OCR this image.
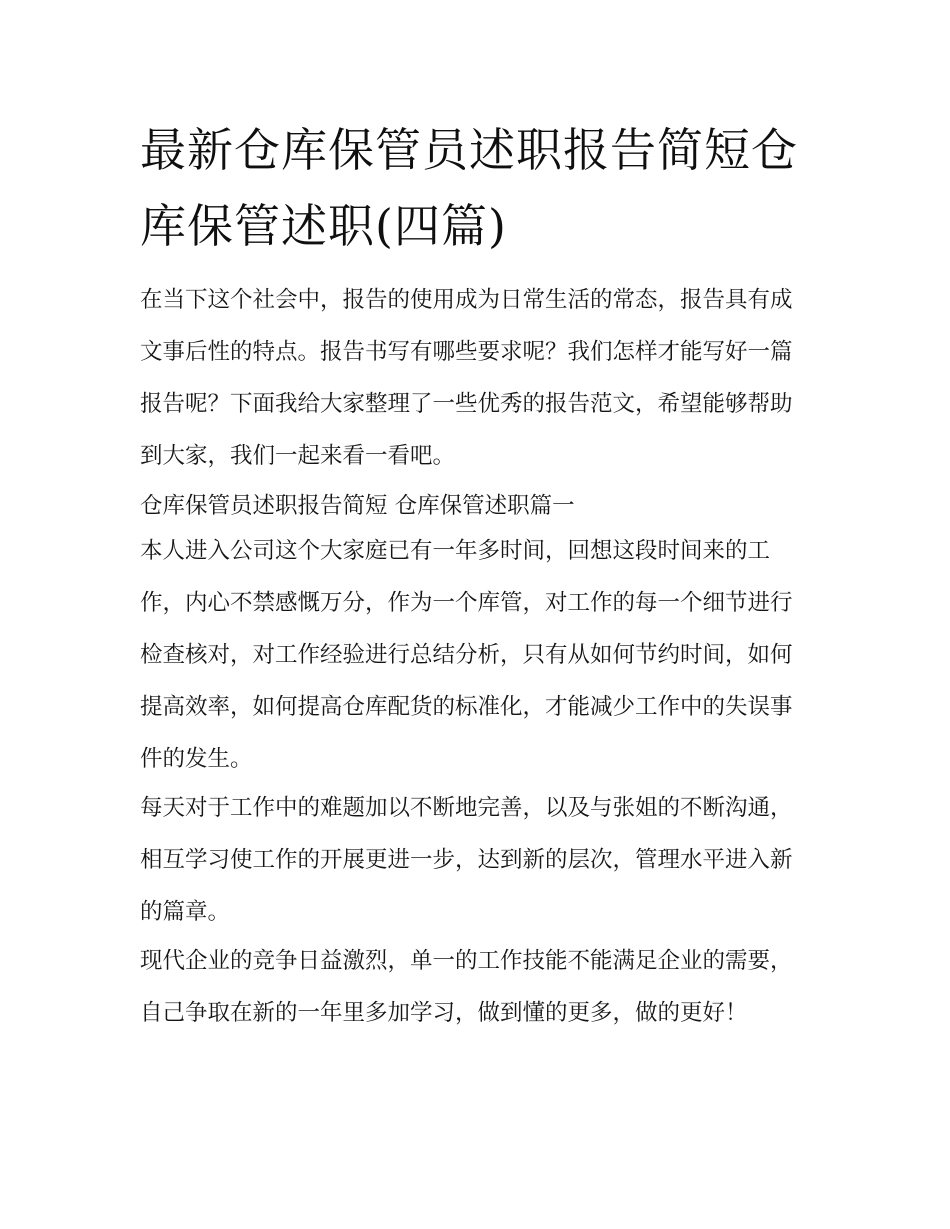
最新仓库保管员述职报告简短仓库保管述职(四篇)

在当下这个社会中，报告的使用成为日常生活的常态，报告具有成文事后性的特点。报告书写有哪些要求呢？我们怎样才能写好一篇报告呢？下面我给大家整理了一些优秀的报告范文，希望能够帮助到大家，我们一起来看一看吧。

仓库保管员述职报告简短 仓库保管述职篇一

本人进入公司这个大家庭已有一年多时间，回想这段时间来的工作，内心不禁感慨万分，作为一个库管，对工作的每一个细节进行检查核对，对工作经验进行总结分析，只有从如何节约时间，如何提高效率，如何提高仓库配货的标准化，才能减少工作中的失误事件的发生。

每天对于工作中的难题加以不断地完善，以及与张姐的不断沟通，相互学习使工作的开展更进一步，达到新的层次，管理水平进入新的篇章。

现代企业的竞争日益激烈，单一的工作技能不能满足企业的需要，自己争取在新的一年里多加学习，做到懂的更多，做的更好！
